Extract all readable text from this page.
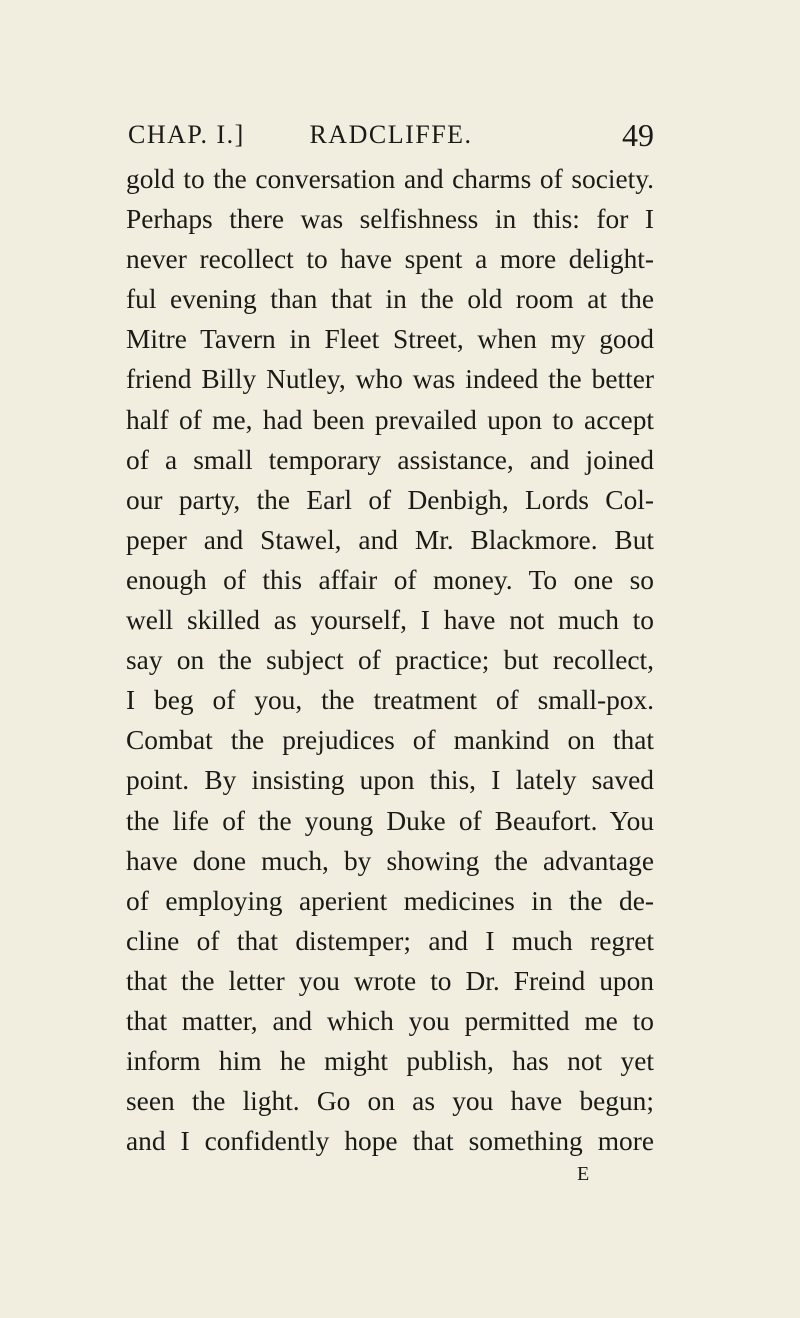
CHAP. I.] RADCLIFFE.	49
gold to the conversation and charms of society.
Perhaps there was selfishness in this: for I
never recollect to have spent a more delight-
ful evening than that in the old room at the
Mitre Tavern in Fleet Street, when my good
friend Billy Nutley, who was indeed the better
half of me, had been prevailed upon to accept
of a small temporary assistance, and joined
our party, the Earl of Denbigh, Lords Col-
peper and Stawel, and Mr. Blackmore. But
enough of this affair of money. To one so
well skilled as yourself, I have not much to
say on the subject of practice; but recollect,
I beg of you, the treatment of small-pox.
Combat the prejudices of mankind on that
point. By insisting upon this, I lately saved
the life of the young Duke of Beaufort. You
have done much, by showing the advantage
of employing aperient medicines in the de-
cline of that distemper; and I much regret
that the letter you wrote to Dr. Freind upon
that matter, and which you permitted me to
inform him he might publish, has not yet
seen the light. Go on as you have begun;
and I confidently hope that something more
E
